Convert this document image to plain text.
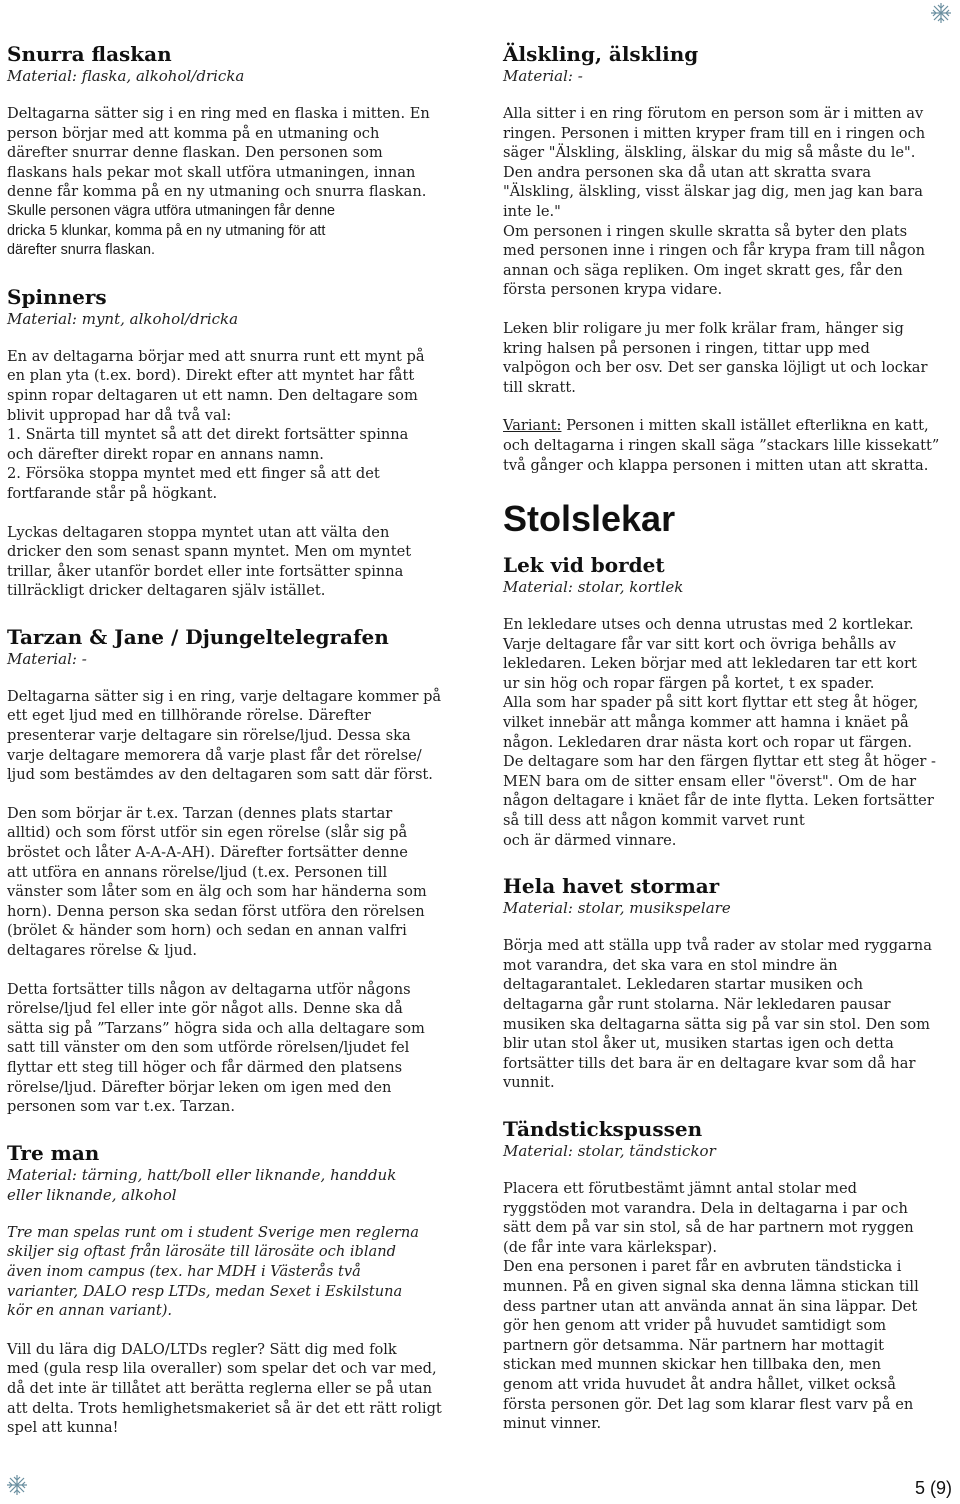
Snurra flaskan
Material: flaska, alkohol/dricka

Deltagarna sätter sig i en ring med en flaska i mitten. En
person börjar med att komma på en utmaning och
därefter snurrar denne flaskan. Den personen som
flaskans hals pekar mot skall utföra utmaningen, innan
denne får komma på en ny utmaning och snurra flaskan.

Skulle personen vägra utföra utmaningen får denne
dricka 5 klunkar, komma på en ny utmaning för att
därefter snurra flaskan.

Spinners
Material: mynt, alkohol/dricka

En av deltagarna börjar med att snurra runt ett mynt på
en plan yta (t.ex. bord). Direkt efter att myntet har fått
spinn ropar deltagaren ut ett namn. Den deltagare som
blivit uppropad har då två val:
1. Snärta till myntet så att det direkt fortsätter spinna
och därefter direkt ropar en annans namn.
2. Försöka stoppa myntet med ett finger så att det
fortfarande står på högkant.

Lyckas deltagaren stoppa myntet utan att välta den
dricker den som senast spann myntet. Men om myntet
trillar, åker utanför bordet eller inte fortsätter spinna
tillräckligt dricker deltagaren själv istället.

Tarzan & Jane / Djungeltelegrafen
Material: -

Deltagarna sätter sig i en ring, varje deltagare kommer på
ett eget ljud med en tillhörande rörelse. Därefter
presenterar varje deltagare sin rörelse/ljud. Dessa ska
varje deltagare memorera då varje plast får det rörelse/
ljud som bestämdes av den deltagaren som satt där först.

Den som börjar är t.ex. Tarzan (dennes plats startar
alltid) och som först utför sin egen rörelse (slår sig på
bröstet och låter A-A-A-AH). Därefter fortsätter denne
att utföra en annans rörelse/ljud (t.ex. Personen till
vänster som låter som en älg och som har händerna som
horn). Denna person ska sedan först utföra den rörelsen
(brölet & händer som horn) och sedan en annan valfri
deltagares rörelse & ljud.

Detta fortsätter tills någon av deltagarna utför någons
rörelse/ljud fel eller inte gör något alls. Denne ska då
sätta sig på ”Tarzans” högra sida och alla deltagare som
satt till vänster om den som utförde rörelsen/ljudet fel
flyttar ett steg till höger och får därmed den platsens
rörelse/ljud. Därefter börjar leken om igen med den
personen som var t.ex. Tarzan.

Tre man
Material: tärning, hatt/boll eller liknande, handduk
eller liknande, alkohol

Tre man spelas runt om i student Sverige men reglerna
skiljer sig oftast från lärosäte till lärosäte och ibland
även inom campus (tex. har MDH i Västerås två
varianter, DALO resp LTDs, medan Sexet i Eskilstuna
kör en annan variant).

Vill du lära dig DALO/LTDs regler? Sätt dig med folk
med (gula resp lila overaller) som spelar det och var med,
då det inte är tillåtet att berätta reglerna eller se på utan
att delta. Trots hemlighetsmakeriet så är det ett rätt roligt
spel att kunna!

Älskling, älskling
Material: -

Alla sitter i en ring förutom en person som är i mitten av
ringen. Personen i mitten kryper fram till en i ringen och
säger "Älskling, älskling, älskar du mig så måste du le".
Den andra personen ska då utan att skratta svara
"Älskling, älskling, visst älskar jag dig, men jag kan bara
inte le."
Om personen i ringen skulle skratta så byter den plats
med personen inne i ringen och får krypa fram till någon
annan och säga repliken. Om inget skratt ges, får den
första personen krypa vidare.

Leken blir roligare ju mer folk krälar fram, hänger sig
kring halsen på personen i ringen, tittar upp med
valpögon och ber osv. Det ser ganska löjligt ut och lockar
till skratt.

Variant: Personen i mitten skall istället efterlikna en katt,
och deltagarna i ringen skall säga ”stackars lille kissekatt”
två gånger och klappa personen i mitten utan att skratta.

Stolslekar
Lek vid bordet
Material: stolar, kortlek

En lekledare utses och denna utrustas med 2 kortlekar.
Varje deltagare får var sitt kort och övriga behålls av
lekledaren. Leken börjar med att lekledaren tar ett kort
ur sin hög och ropar färgen på kortet, t ex spader.
Alla som har spader på sitt kort flyttar ett steg åt höger,
vilket innebär att många kommer att hamna i knäet på
någon. Lekledaren drar nästa kort och ropar ut färgen.
De deltagare som har den färgen flyttar ett steg åt höger -
MEN bara om de sitter ensam eller "överst". Om de har
någon deltagare i knäet får de inte flytta. Leken fortsätter
så till dess att någon kommit varvet runt
och är därmed vinnare.

Hela havet stormar
Material: stolar, musikspelare

Börja med att ställa upp två rader av stolar med ryggarna
mot varandra, det ska vara en stol mindre än
deltagarantalet. Lekledaren startar musiken och
deltagarna går runt stolarna. När lekledaren pausar
musiken ska deltagarna sätta sig på var sin stol. Den som
blir utan stol åker ut, musiken startas igen och detta
fortsätter tills det bara är en deltagare kvar som då har
vunnit.

Tändstickspussen
Material: stolar, tändstickor

Placera ett förutbestämt jämnt antal stolar med
ryggstöden mot varandra. Dela in deltagarna i par och
sätt dem på var sin stol, så de har partnern mot ryggen
(de får inte vara kärlekspar).
Den ena personen i paret får en avbruten tändsticka i
munnen. På en given signal ska denna lämna stickan till
dess partner utan att använda annat än sina läppar. Det
gör hen genom att vrider på huvudet samtidigt som
partnern gör detsamma. När partnern har mottagit
stickan med munnen skickar hen tillbaka den, men
genom att vrida huvudet åt andra hållet, vilket också
första personen gör. Det lag som klarar flest varv på en
minut vinner.

5 (9)
